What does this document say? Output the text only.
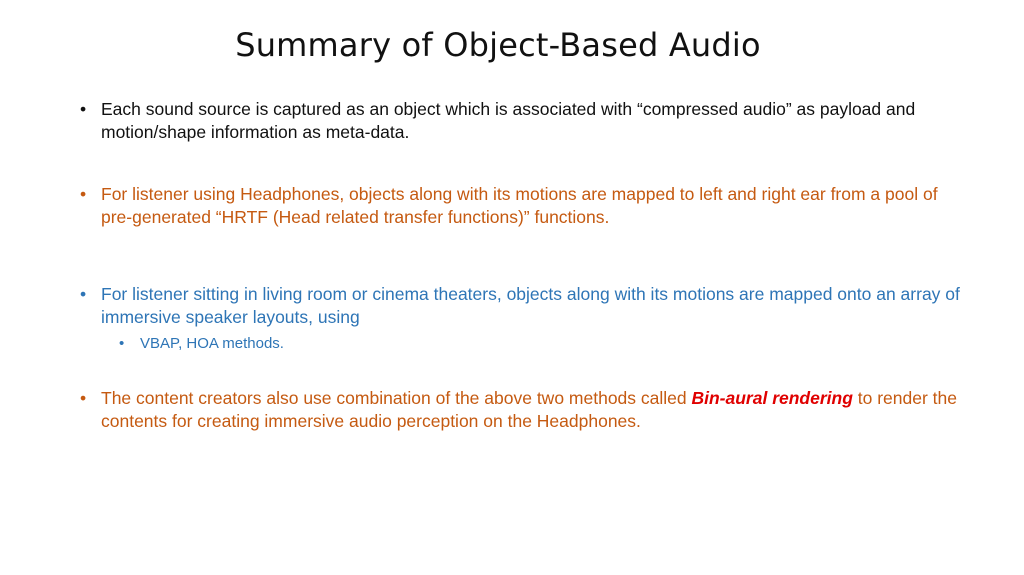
Summary of Object-Based Audio
• Each sound source is captured as an object which is associated with “compressed audio” as payload and motion/shape information as meta-data.
• For listener using Headphones, objects along with its motions are mapped to left and right ear from a pool of pre-generated “HRTF (Head related transfer functions)” functions.
• For listener sitting in living room or cinema theaters, objects along with its motions are mapped onto an array of immersive speaker layouts, using
• VBAP, HOA methods.
• The content creators also use combination of the above two methods called Bin-aural rendering to render the contents for creating immersive audio perception on the Headphones.
